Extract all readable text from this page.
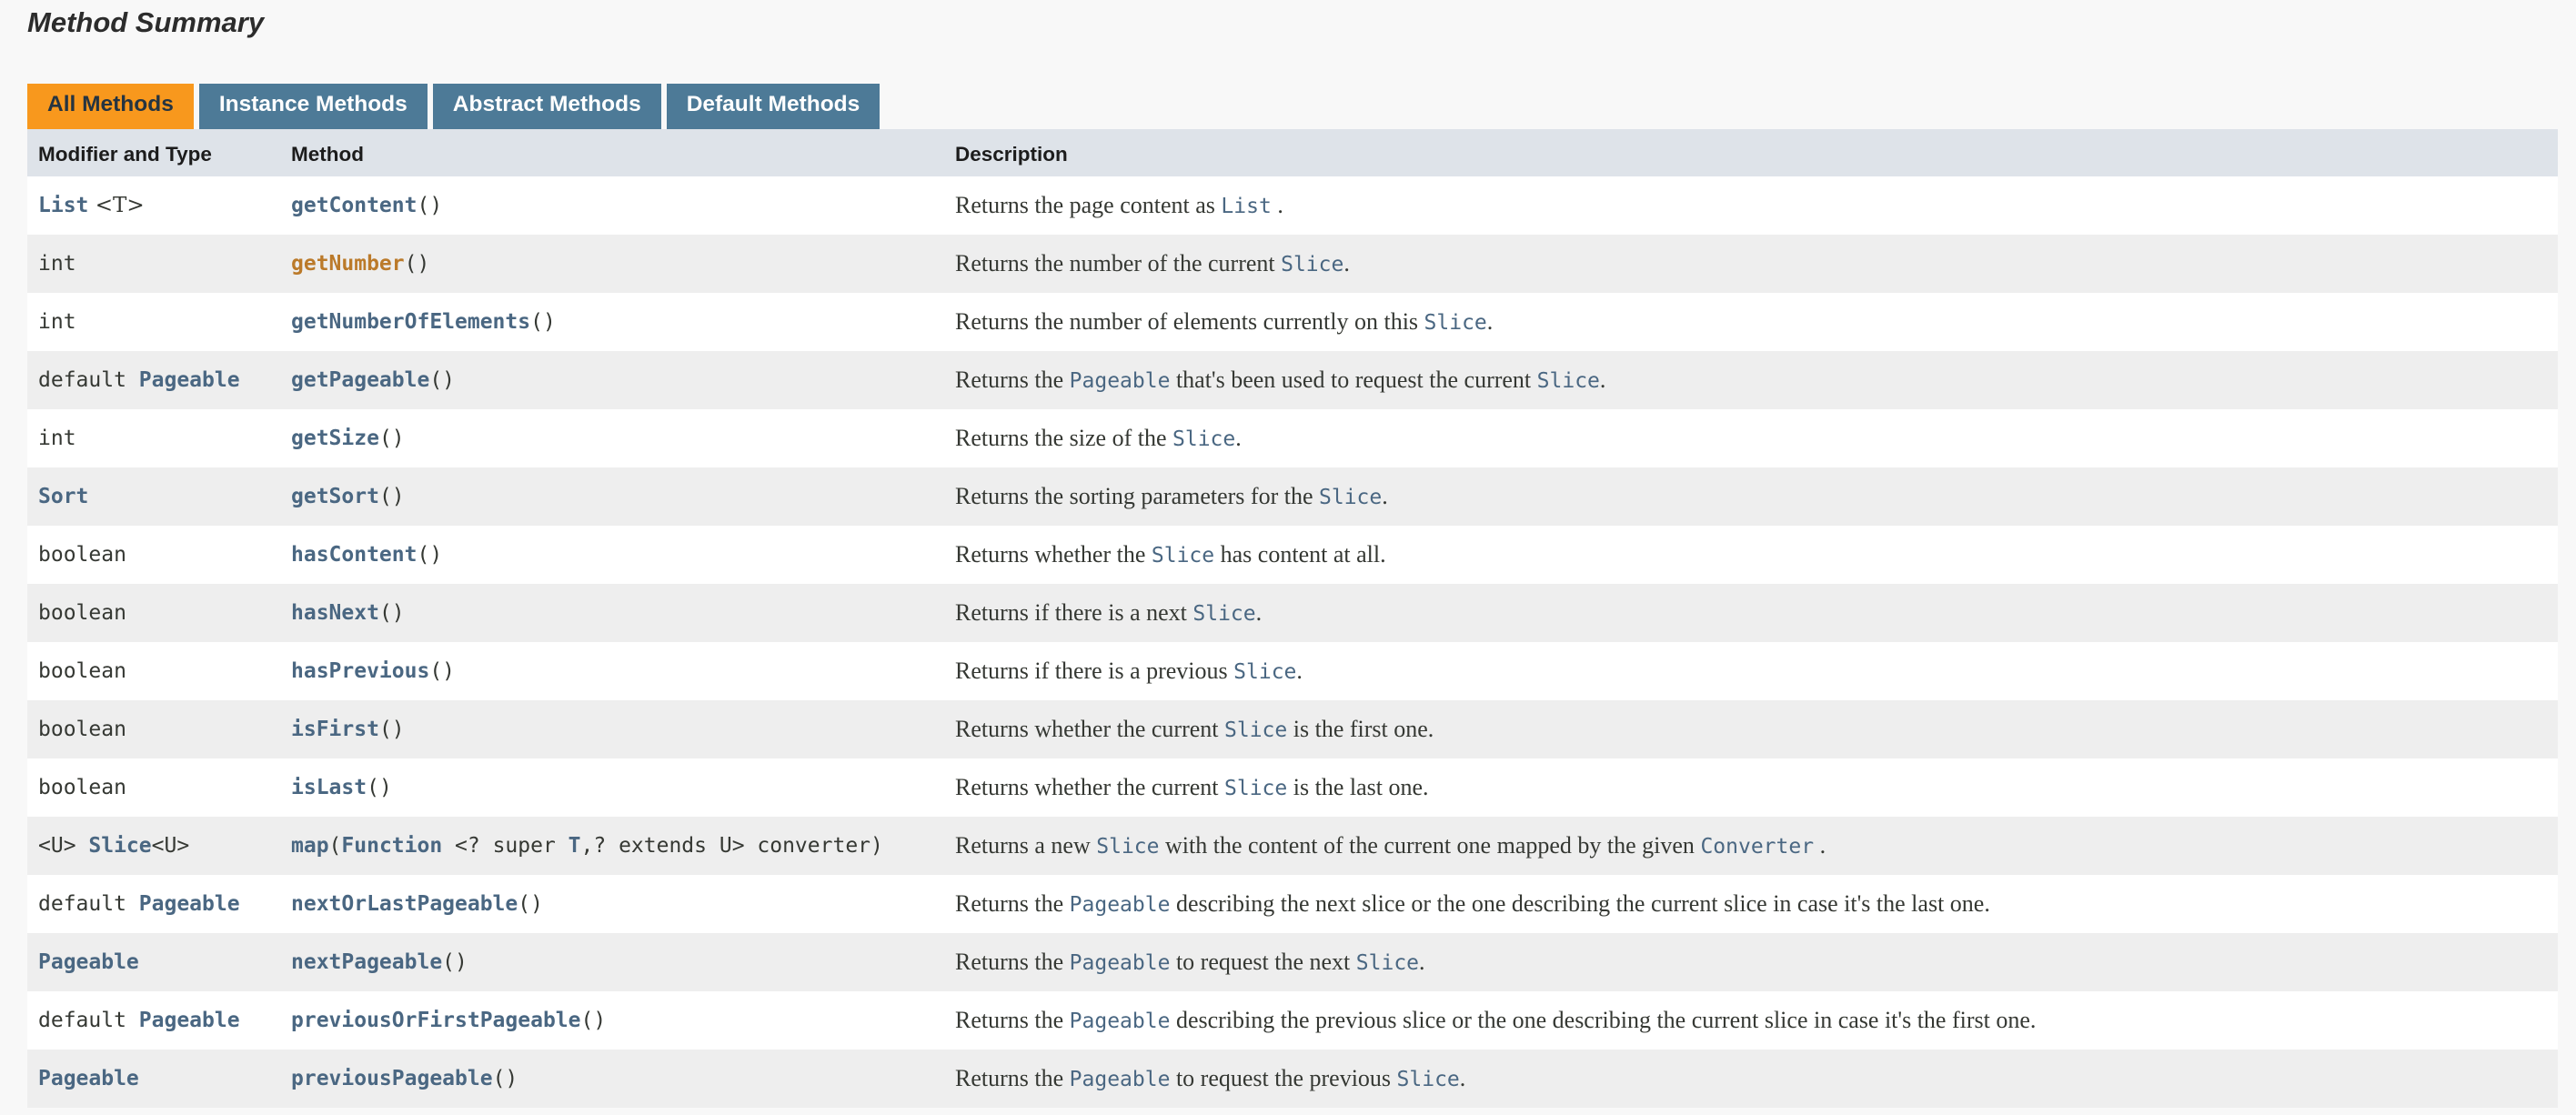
Method Summary
All Methods	Instance Methods	Abstract Methods	Default Methods
Modifier and Type	Method	Description
List <T>	getContent()	Returns the page content as List .
int	getNumber()	Returns the number of the current Slice.
int	getNumberOfElements()	Returns the number of elements currently on this Slice.
default Pageable	getPageable()	Returns the Pageable that's been used to request the current Slice.
int	getSize()	Returns the size of the Slice.
Sort	getSort()	Returns the sorting parameters for the Slice.
boolean	hasContent()	Returns whether the Slice has content at all.
boolean	hasNext()	Returns if there is a next Slice.
boolean	hasPrevious()	Returns if there is a previous Slice.
boolean	isFirst()	Returns whether the current Slice is the first one.
boolean	isLast()	Returns whether the current Slice is the last one.
<U> Slice<U>	map(Function <? super T,? extends U> converter)	Returns a new Slice with the content of the current one mapped by the given Converter .
default Pageable	nextOrLastPageable()	Returns the Pageable describing the next slice or the one describing the current slice in case it's the last one.
Pageable	nextPageable()	Returns the Pageable to request the next Slice.
default Pageable	previousOrFirstPageable()	Returns the Pageable describing the previous slice or the one describing the current slice in case it's the first one.
Pageable	previousPageable()	Returns the Pageable to request the previous Slice.
